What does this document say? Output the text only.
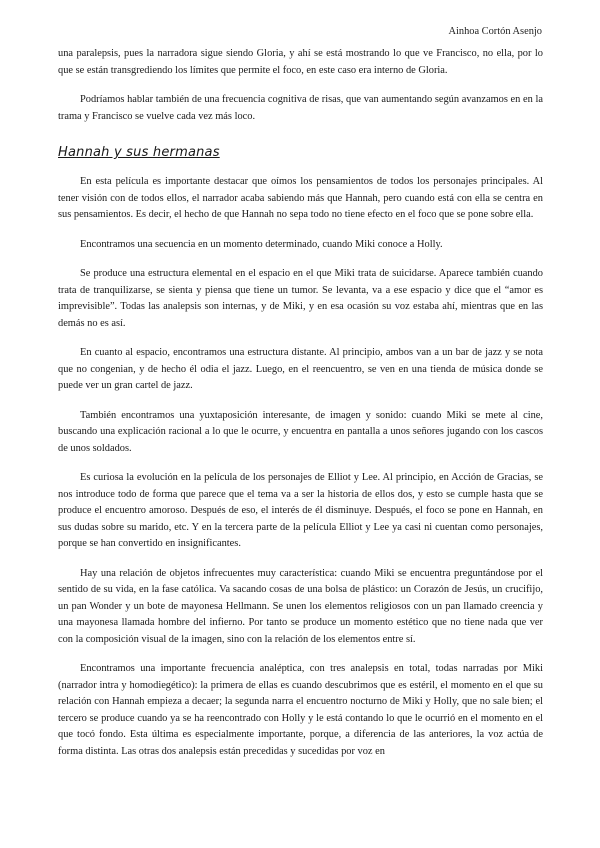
Ainhoa Cortón Asenjo

una paralepsis, pues la narradora sigue siendo Gloria, y ahí se está mostrando lo que ve Francisco, no ella, por lo que se están transgrediendo los límites que permite el foco, en este caso era interno de Gloria.

Podríamos hablar también de una frecuencia cognitiva de risas, que van aumentando según avanzamos en en la trama y Francisco se vuelve cada vez más loco.

Hannah y sus hermanas

En esta película es importante destacar que oímos los pensamientos de todos los personajes principales. Al tener visión con de todos ellos, el narrador acaba sabiendo más que Hannah, pero cuando está con ella se centra en sus pensamientos. Es decir, el hecho de que Hannah no sepa todo no tiene efecto en el foco que se pone sobre ella.

Encontramos una secuencia en un momento determinado, cuando Miki conoce a Holly.

Se produce una estructura elemental en el espacio en el que Miki trata de suicidarse. Aparece también cuando trata de tranquilizarse, se sienta y piensa que tiene un tumor. Se levanta, va a ese espacio y dice que el “amor es imprevisible”. Todas las analepsis son internas, y de Miki, y en esa ocasión su voz estaba ahí, mientras que en las demás no es así.

En cuanto al espacio, encontramos una estructura distante. Al principio, ambos van a un bar de jazz y se nota que no congenian, y de hecho él odia el jazz. Luego, en el reencuentro, se ven en una tienda de música donde se puede ver un gran cartel de jazz.

También encontramos una yuxtaposición interesante, de imagen y sonido: cuando Miki se mete al cine, buscando una explicación racional a lo que le ocurre, y encuentra en pantalla a unos señores jugando con los cascos de unos soldados.

Es curiosa la evolución en la película de los personajes de Elliot y Lee. Al principio, en Acción de Gracias, se nos introduce todo de forma que parece que el tema va a ser la historia de ellos dos, y esto se cumple hasta que se produce el encuentro amoroso. Después de eso, el interés de él disminuye. Después, el foco se pone en Hannah, en sus dudas sobre su marido, etc. Y en la tercera parte de la película Elliot y Lee ya casi ni cuentan como personajes, porque se han convertido en insignificantes.

Hay una relación de objetos infrecuentes muy característica: cuando Miki se encuentra preguntándose por el sentido de su vida, en la fase católica. Va sacando cosas de una bolsa de plástico: un Corazón de Jesús, un crucifijo, un pan Wonder y un bote de mayonesa Hellmann. Se unen los elementos religiosos con un pan llamado creencia y una mayonesa llamada hombre del infierno. Por tanto se produce un momento estético que no tiene nada que ver con la composición visual de la imagen, sino con la relación de los elementos entre sí.

Encontramos una importante frecuencia analéptica, con tres analepsis en total, todas narradas por Miki (narrador intra y homodiegético): la primera de ellas es cuando descubrimos que es estéril, el momento en el que su relación con Hannah empieza a decaer; la segunda narra el encuentro nocturno de Miki y Holly, que no sale bien; el tercero se produce cuando ya se ha reencontrado con Holly y le está contando lo que le ocurrió en el momento en el que tocó fondo. Esta última es especialmente importante, porque, a diferencia de las anteriores, la voz actúa de forma distinta. Las otras dos analepsis están precedidas y sucedidas por voz en
